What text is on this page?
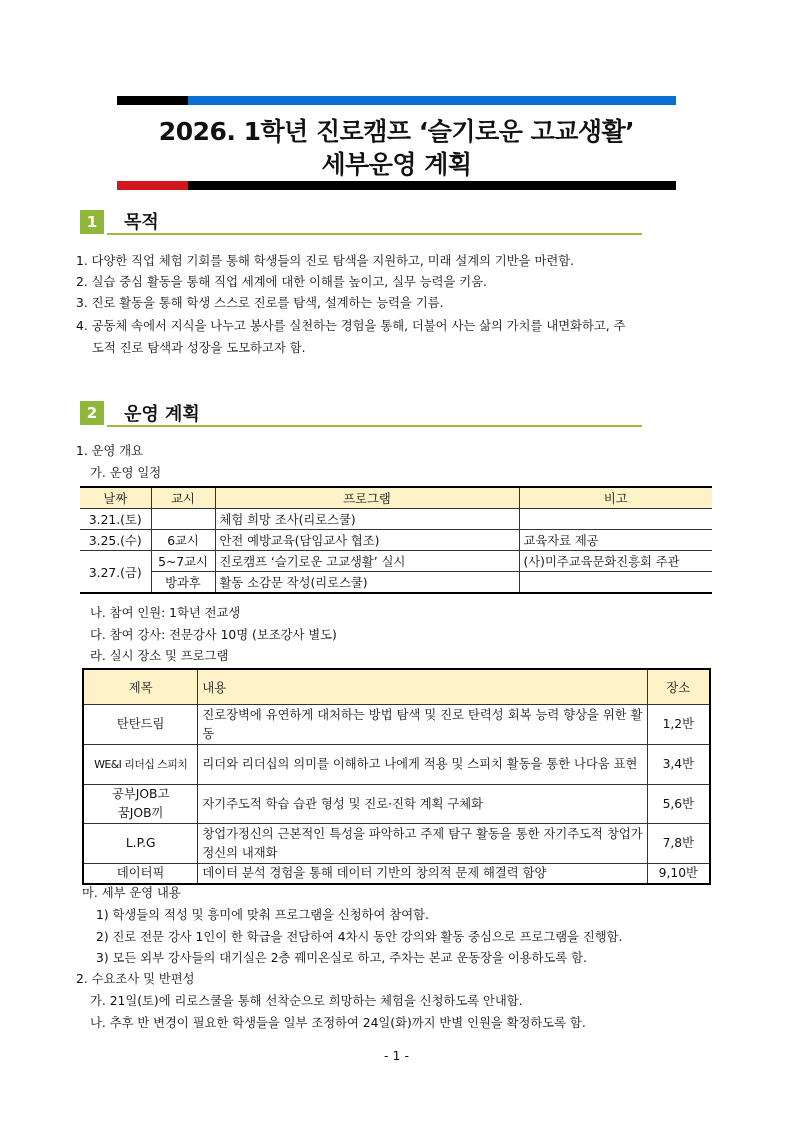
2026. 1학년 진로캠프 ‘슬기로운 고교생활’
세부운영 계획
1	목적
1. 다양한 직업 체험 기회를 통해 학생들의 진로 탐색을 지원하고, 미래 설계의 기반을 마련함.
2. 실습 중심 활동을 통해 직업 세계에 대한 이해를 높이고, 실무 능력을 키움.
3. 진로 활동을 통해 학생 스스로 진로를 탐색, 설계하는 능력을 기름.
4. 공동체 속에서 지식을 나누고 봉사를 실천하는 경험을 통해, 더불어 사는 삶의 가치를 내면화하고, 주
도적 진로 탐색과 성장을 도모하고자 함.
2	운영 계획
1. 운영 개요
가. 운영 일정
날짜	교시	프로그램	비고
3.21.(토)		체험 희망 조사(리로스쿨)	
3.25.(수)	6교시	안전 예방교육(담임교사 협조)	교육자료 제공
3.27.(금)	5~7교시	진로캠프 ‘슬기로운 고교생활’ 실시	(사)미주교육문화진흥회 주관
	방과후	활동 소감문 작성(리로스쿨)	
나. 참여 인원: 1학년 전교생
다. 참여 강사: 전문강사 10명 (보조강사 별도)
라. 실시 장소 및 프로그램
제목	내용	장소
탄탄드림	진로장벽에 유연하게 대처하는 방법 탐색 및 진로 탄력성 회복 능력 향상을 위한 활동	1,2반
WE&I 리더십 스피치	리더와 리더십의 의미를 이해하고 나에게 적용 및 스피치 활동을 통한 나다움 표현	3,4반
공부JOB고 꿈JOB끼	자기주도적 학습 습관 형성 및 진로·진학 계획 구체화	5,6반
L.P.G	창업가정신의 근본적인 특성을 파악하고 주제 탐구 활동을 통한 자기주도적 창업가정신의 내재화	7,8반
데이터픽	데이터 분석 경험을 통해 데이터 기반의 창의적 문제 해결력 함양	9,10반
마. 세부 운영 내용
1) 학생들의 적성 및 흥미에 맞춰 프로그램을 신청하여 참여함.
2) 진로 전문 강사 1인이 한 학급을 전담하여 4차시 동안 강의와 활동 중심으로 프로그램을 진행함.
3) 모든 외부 강사들의 대기실은 2층 꿰미온실로 하고, 주차는 본교 운동장을 이용하도록 함.
2. 수요조사 및 반편성
가. 21일(토)에 리로스쿨을 통해 선착순으로 희망하는 체험을 신청하도록 안내함.
나. 추후 반 변경이 필요한 학생들을 일부 조정하여 24일(화)까지 반별 인원을 확정하도록 함.
- 1 -
